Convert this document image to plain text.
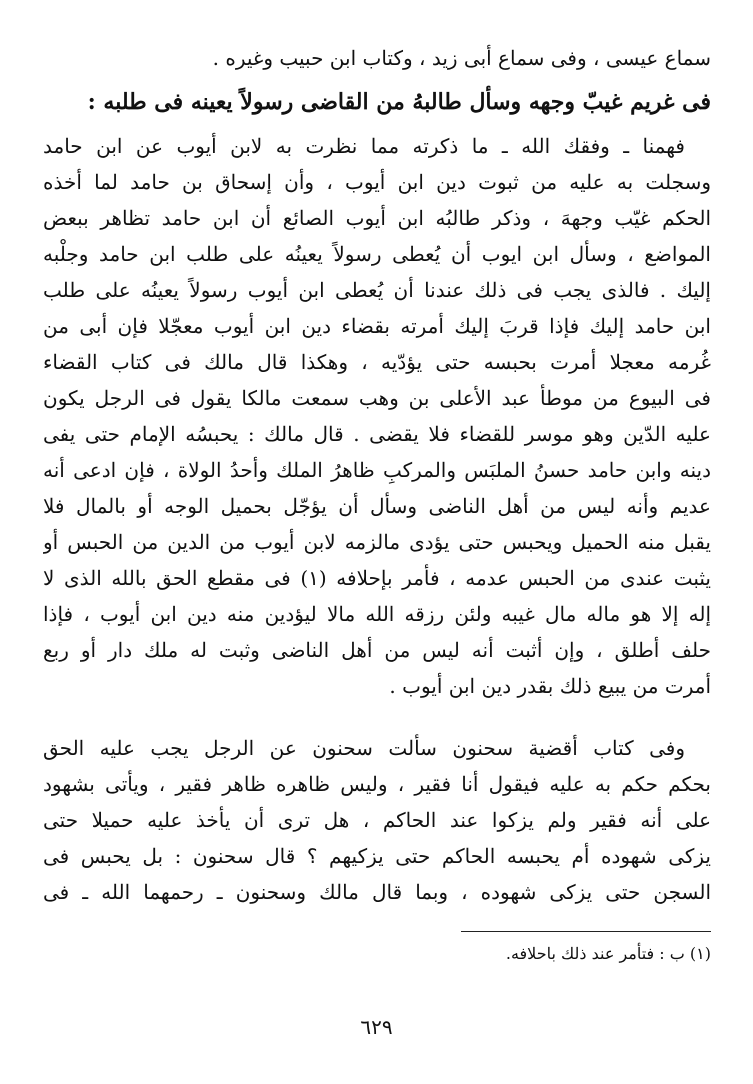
سماع عيسى ، وفى سماع أبى زيد ، وكتاب ابن حبيب وغيره .
فى غريم غيبّ وجهه وسأل طالبهُ من القاضى رسولاً يعينه فى طلبه :
فهمنا ـ وفقك الله ـ ما ذكرته مما نظرت به لابن أيوب عن ابن حامد
وسجلت به عليه من ثبوت دين ابن أيوب ، وأن إسحاق بن حامد لما أخذه
الحكم غيّب وجههَ ، وذكر طالبُه ابن أيوب الصائع أن ابن حامد تظاهر ببعض
المواضع ، وسأل ابن ايوب أن يُعطى رسولاً يعينُه على طلب ابن حامد وجلْبه
إليك . فالذى يجب فى ذلك عندنا أن يُعطى ابن أيوب رسولاً يعينُه على طلب
ابن حامد إليك فإذا قربَ إليك أمرته بقضاء دين ابن أيوب معجّلا فإن أبى من
غُرمه معجلا أمرت بحبسه حتى يؤدّيه ، وهكذا قال مالك فى كتاب القضاء
فى البيوع من موطأ عبد الأعلى بن وهب سمعت مالكا يقول فى الرجل يكون
عليه الدّين وهو موسر للقضاء فلا يقضى . قال مالك : يحبسُه الإمام حتى يفى
دينه وابن حامد حسنُ الملبَس والمركبِ ظاهرُ الملك وأحدُ الولاة ، فإن ادعى أنه
عديم وأنه ليس من أهل الناضى وسأل أن يؤجّل بحميل الوجه أو بالمال فلا
يقبل منه الحميل ويحبس حتى يؤدى مالزمه لابن أيوب من الدين من الحبس أو
يثبت عندى من الحبس عدمه ، فأمر بإحلافه (١) فى مقطع الحق بالله الذى لا
إله إلا هو ماله مال غيبه ولئن رزقه الله مالا ليؤدين منه دين ابن أيوب ، فإذا
حلف أطلق ، وإن أثبت أنه ليس من أهل الناضى وثبت له ملك دار أو ربع
أمرت من يبيع ذلك بقدر دين ابن أيوب .
وفى كتاب أقضية سحنون سألت سحنون عن الرجل يجب عليه الحق
بحكم حكم به عليه فيقول أنا فقير ، وليس ظاهره ظاهر فقير ، ويأتى بشهود
على أنه فقير ولم يزكوا عند الحاكم ، هل ترى أن يأخذ عليه حميلا حتى
يزكى شهوده أم يحبسه الحاكم حتى يزكيهم ؟ قال سحنون : بل يحبس فى
السجن حتى يزكى شهوده ، وبما قال مالك وسحنون ـ رحمهما الله ـ فى
(١) ب : فتأمر عند ذلك باحلافه.
٦٢٩
